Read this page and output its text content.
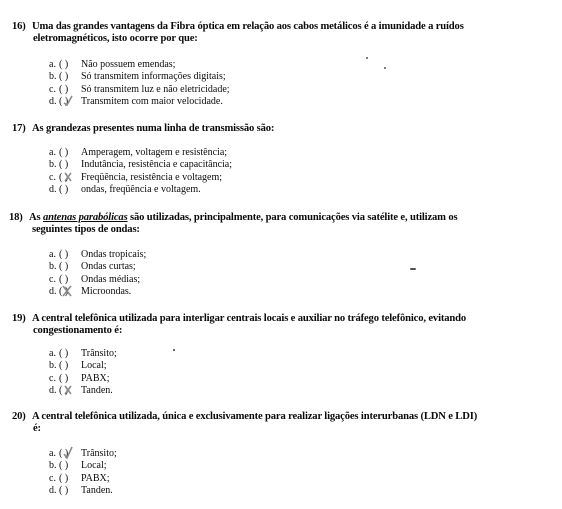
16) Uma das grandes vantagens da Fibra óptica em relação aos cabos metálicos é a imunidade a ruídos
eletromagnéticos, isto ocorre por que:
a. ( ) Não possuem emendas;
b. ( ) Só transmitem informações digitais;
c. ( ) Só transmitem luz e não eletricidade;
d. ( ) Transmitem com maior velocidade.
17) As grandezas presentes numa linha de transmissão são:
a. ( ) Amperagem, voltagem e resistência;
b. ( ) Indutância, resistência e capacitância;
c. ( ) Freqüência, resistência e voltagem;
d. ( ) ondas, freqüência e voltagem.
18) As antenas parabólicas são utilizadas, principalmente, para comunicações via satélite e, utilizam os
seguintes tipos de ondas:
a. ( ) Ondas tropicais;
b. ( ) Ondas curtas;
c. ( ) Ondas médias;
d. ( ) Microondas.
19) A central telefônica utilizada para interligar centrais locais e auxiliar no tráfego telefônico, evitando
congestionamento é:
a. ( ) Trânsito;
b. ( ) Local;
c. ( ) PABX;
d. ( ) Tanden.
20) A central telefônica utilizada, única e exclusivamente para realizar ligações interurbanas (LDN e LDI)
é:
a. ( ) Trânsito;
b. ( ) Local;
c. ( ) PABX;
d. ( ) Tanden.
